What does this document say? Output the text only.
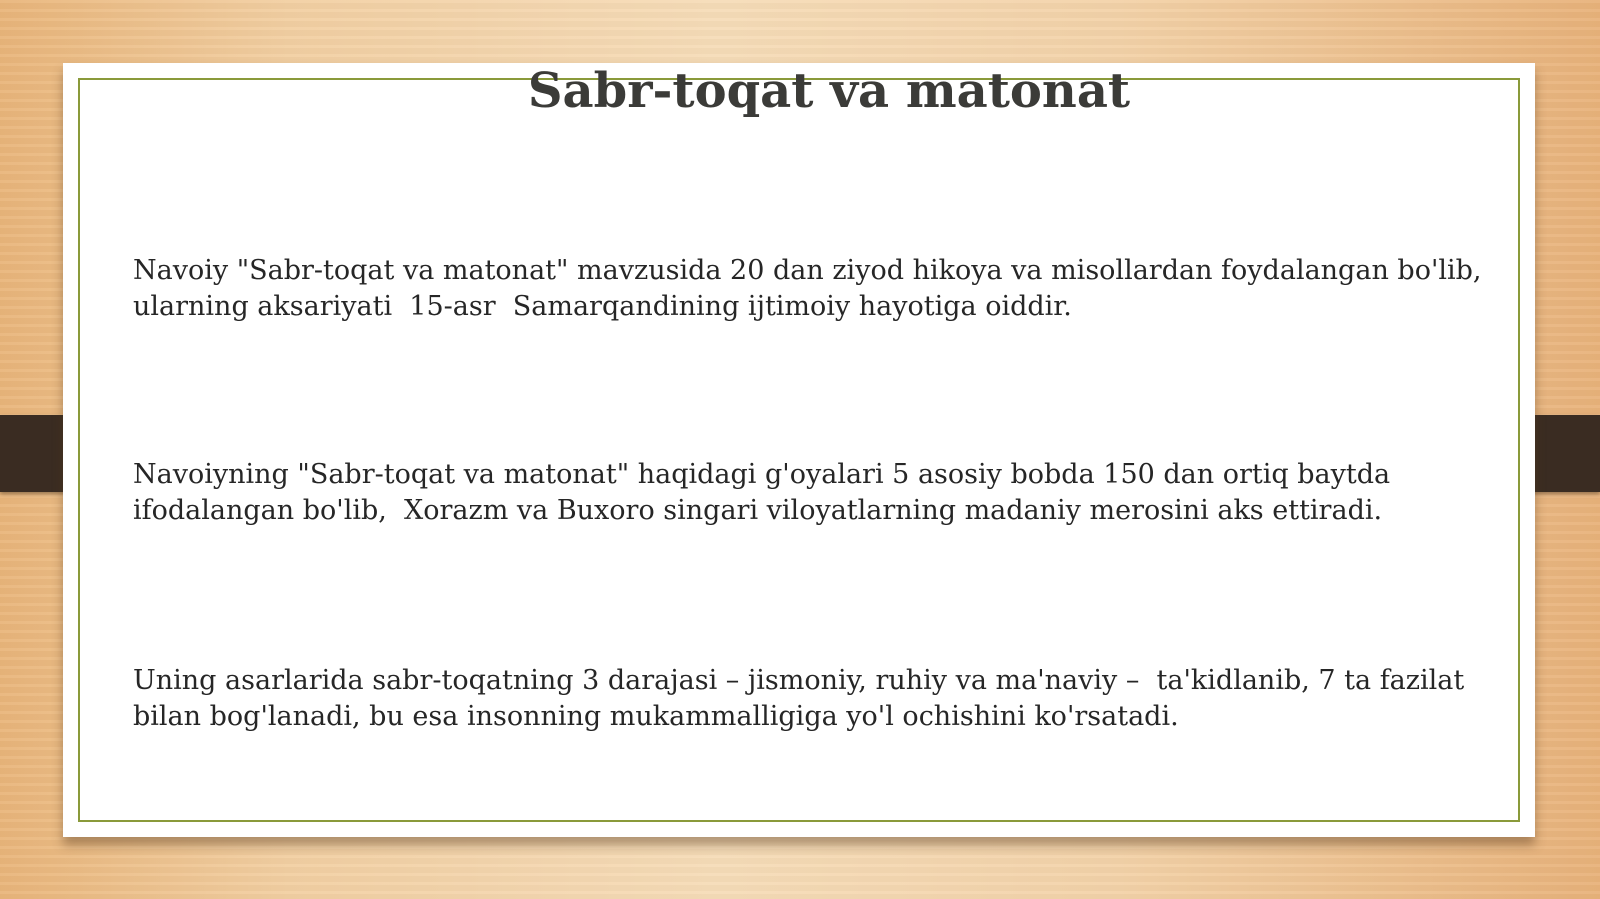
Sabr-toqat va matonat

Navoiy "Sabr-toqat va matonat" mavzusida 20 dan ziyod hikoya va misollardan foydalangan bo'lib,  ularning aksariyati  15-asr  Samarqandining ijtimoiy hayotiga oiddir.

Navoiyning "Sabr-toqat va matonat" haqidagi g'oyalari 5 asosiy bobda 150 dan ortiq baytda ifodalangan bo'lib,  Xorazm va Buxoro singari viloyatlarning madaniy merosini aks ettiradi.

Uning asarlarida sabr-toqatning 3 darajasi – jismoniy, ruhiy va ma'naviy –  ta'kidlanib, 7 ta fazilat bilan bog'lanadi, bu esa insonning mukammalligiga yo'l ochishini ko'rsatadi.
